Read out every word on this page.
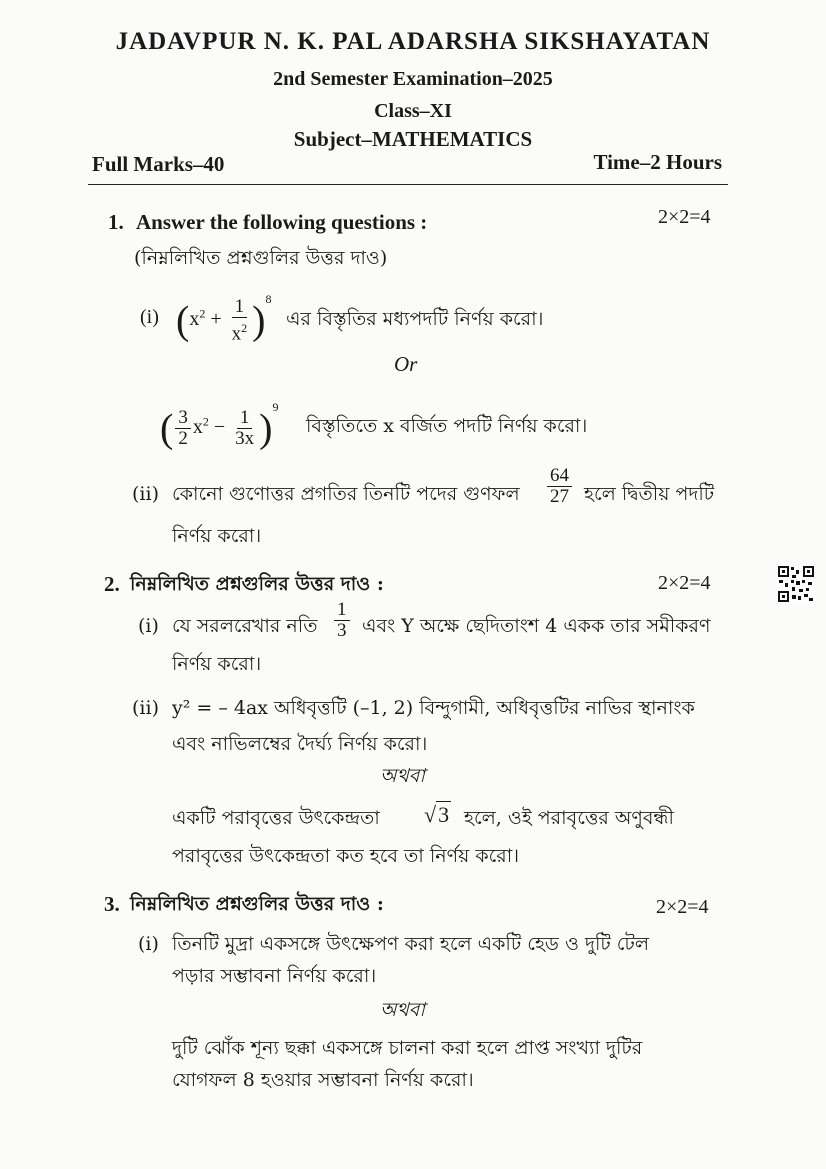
JADAVPUR N. K. PAL ADARSHA SIKSHAYATAN
2nd Semester Examination–2025
Class–XI
Subject–MATHEMATICS
Full Marks–40	Time–2 Hours
1. Answer the following questions :	2×2=4
(নিম্নলিখিত প্রশ্নগুলির উত্তর দাও)
(i) $(x^2 + \frac{1}{x^2} )^8$
এর বিস্তৃতির মধ্যপদটি নির্ণয় করো।
Or
( $\frac{3}{2} x^2 - \frac{1}{3x} )^9$
বিস্তৃতিতে x বর্জিত পদটি নির্ণয় করো।
(ii) কোনো গুণোত্তর প্রগতির তিনটি পদের গুণফল $\frac{64}{27}$ হলে দ্বিতীয় পদটি
নির্ণয় করো।
2. নিম্নলিখিত প্রশ্নগুলির উত্তর দাও :	2×2=4
(i) যে সরলরেখার নতি $\frac{1}{3}$ এবং Y অক্ষে ছেদিতাংশ 4 একক তার সমীকরণ
নির্ণয় করো।
(ii) y² = – 4ax অধিবৃত্তটি (–1, 2) বিন্দুগামী, অধিবৃত্তটির নাভির স্থানাংক
এবং নাভিলম্বের দৈর্ঘ্য নির্ণয় করো।
অথবা
একটি পরাবৃত্তের উৎকেন্দ্রতা √3 হলে, ওই পরাবৃত্তের অণুবন্ধী
পরাবৃত্তের উৎকেন্দ্রতা কত হবে তা নির্ণয় করো।
3. নিম্নলিখিত প্রশ্নগুলির উত্তর দাও :	2×2=4
(i) তিনটি মুদ্রা একসঙ্গে উৎক্ষেপণ করা হলে একটি হেড ও দুটি টেল
পড়ার সম্ভাবনা নির্ণয় করো।
অথবা
দুটি ঝোঁক শূন্য ছক্কা একসঙ্গে চালনা করা হলে প্রাপ্ত সংখ্যা দুটির
যোগফল 8 হওয়ার সম্ভাবনা নির্ণয় করো।
